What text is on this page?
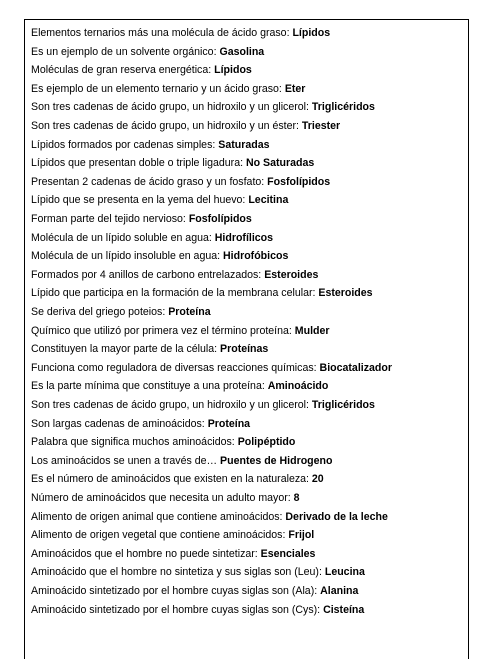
Elementos ternarios más una molécula de ácido graso: Lípidos
Es un ejemplo de un solvente orgánico: Gasolina
Moléculas de gran reserva energética: Lípidos
Es ejemplo de un elemento ternario y un ácido graso: Eter
Son tres cadenas de ácido grupo, un hidroxilo y un glicerol: Triglicéridos
Son tres cadenas de ácido grupo, un hidroxilo y un éster: Triester
Lípidos formados por cadenas simples: Saturadas
Lípidos que presentan doble o triple ligadura: No Saturadas
Presentan 2 cadenas de ácido graso y un fosfato: Fosfolípidos
Lípido que se presenta en la yema del huevo: Lecitina
Forman parte del tejido nervioso: Fosfolípidos
Molécula de un lípido soluble en agua: Hidrofílicos
Molécula de un lípido insoluble en agua: Hidrofóbicos
Formados por 4 anillos de carbono entrelazados: Esteroides
Lípido que participa en la formación de la membrana celular: Esteroides
Se deriva del griego poteios: Proteína
Químico que utilizó por primera vez el término proteína: Mulder
Constituyen la mayor parte de la célula: Proteínas
Funciona como reguladora de diversas reacciones químicas: Biocatalizador
Es la parte mínima que constituye a una proteína: Aminoácido
Son tres cadenas de ácido grupo, un hidroxilo y un glicerol: Triglicéridos
Son largas cadenas de aminoácidos: Proteína
Palabra que significa muchos aminoácidos: Polipéptido
Los aminoácidos se unen a través de… Puentes de Hidrogeno
Es el número de aminoácidos que existen en la naturaleza: 20
Número de aminoácidos que necesita un adulto mayor: 8
Alimento de origen animal que contiene aminoácidos: Derivado de la leche
Alimento de origen vegetal que contiene aminoácidos: Frijol
Aminoácidos que el hombre no puede sintetizar: Esenciales
Aminoácido que el hombre no sintetiza y sus siglas son (Leu): Leucina
Aminoácido sintetizado por el hombre cuyas siglas son (Ala): Alanina
Aminoácido sintetizado por el hombre cuyas siglas son (Cys): Cisteína
